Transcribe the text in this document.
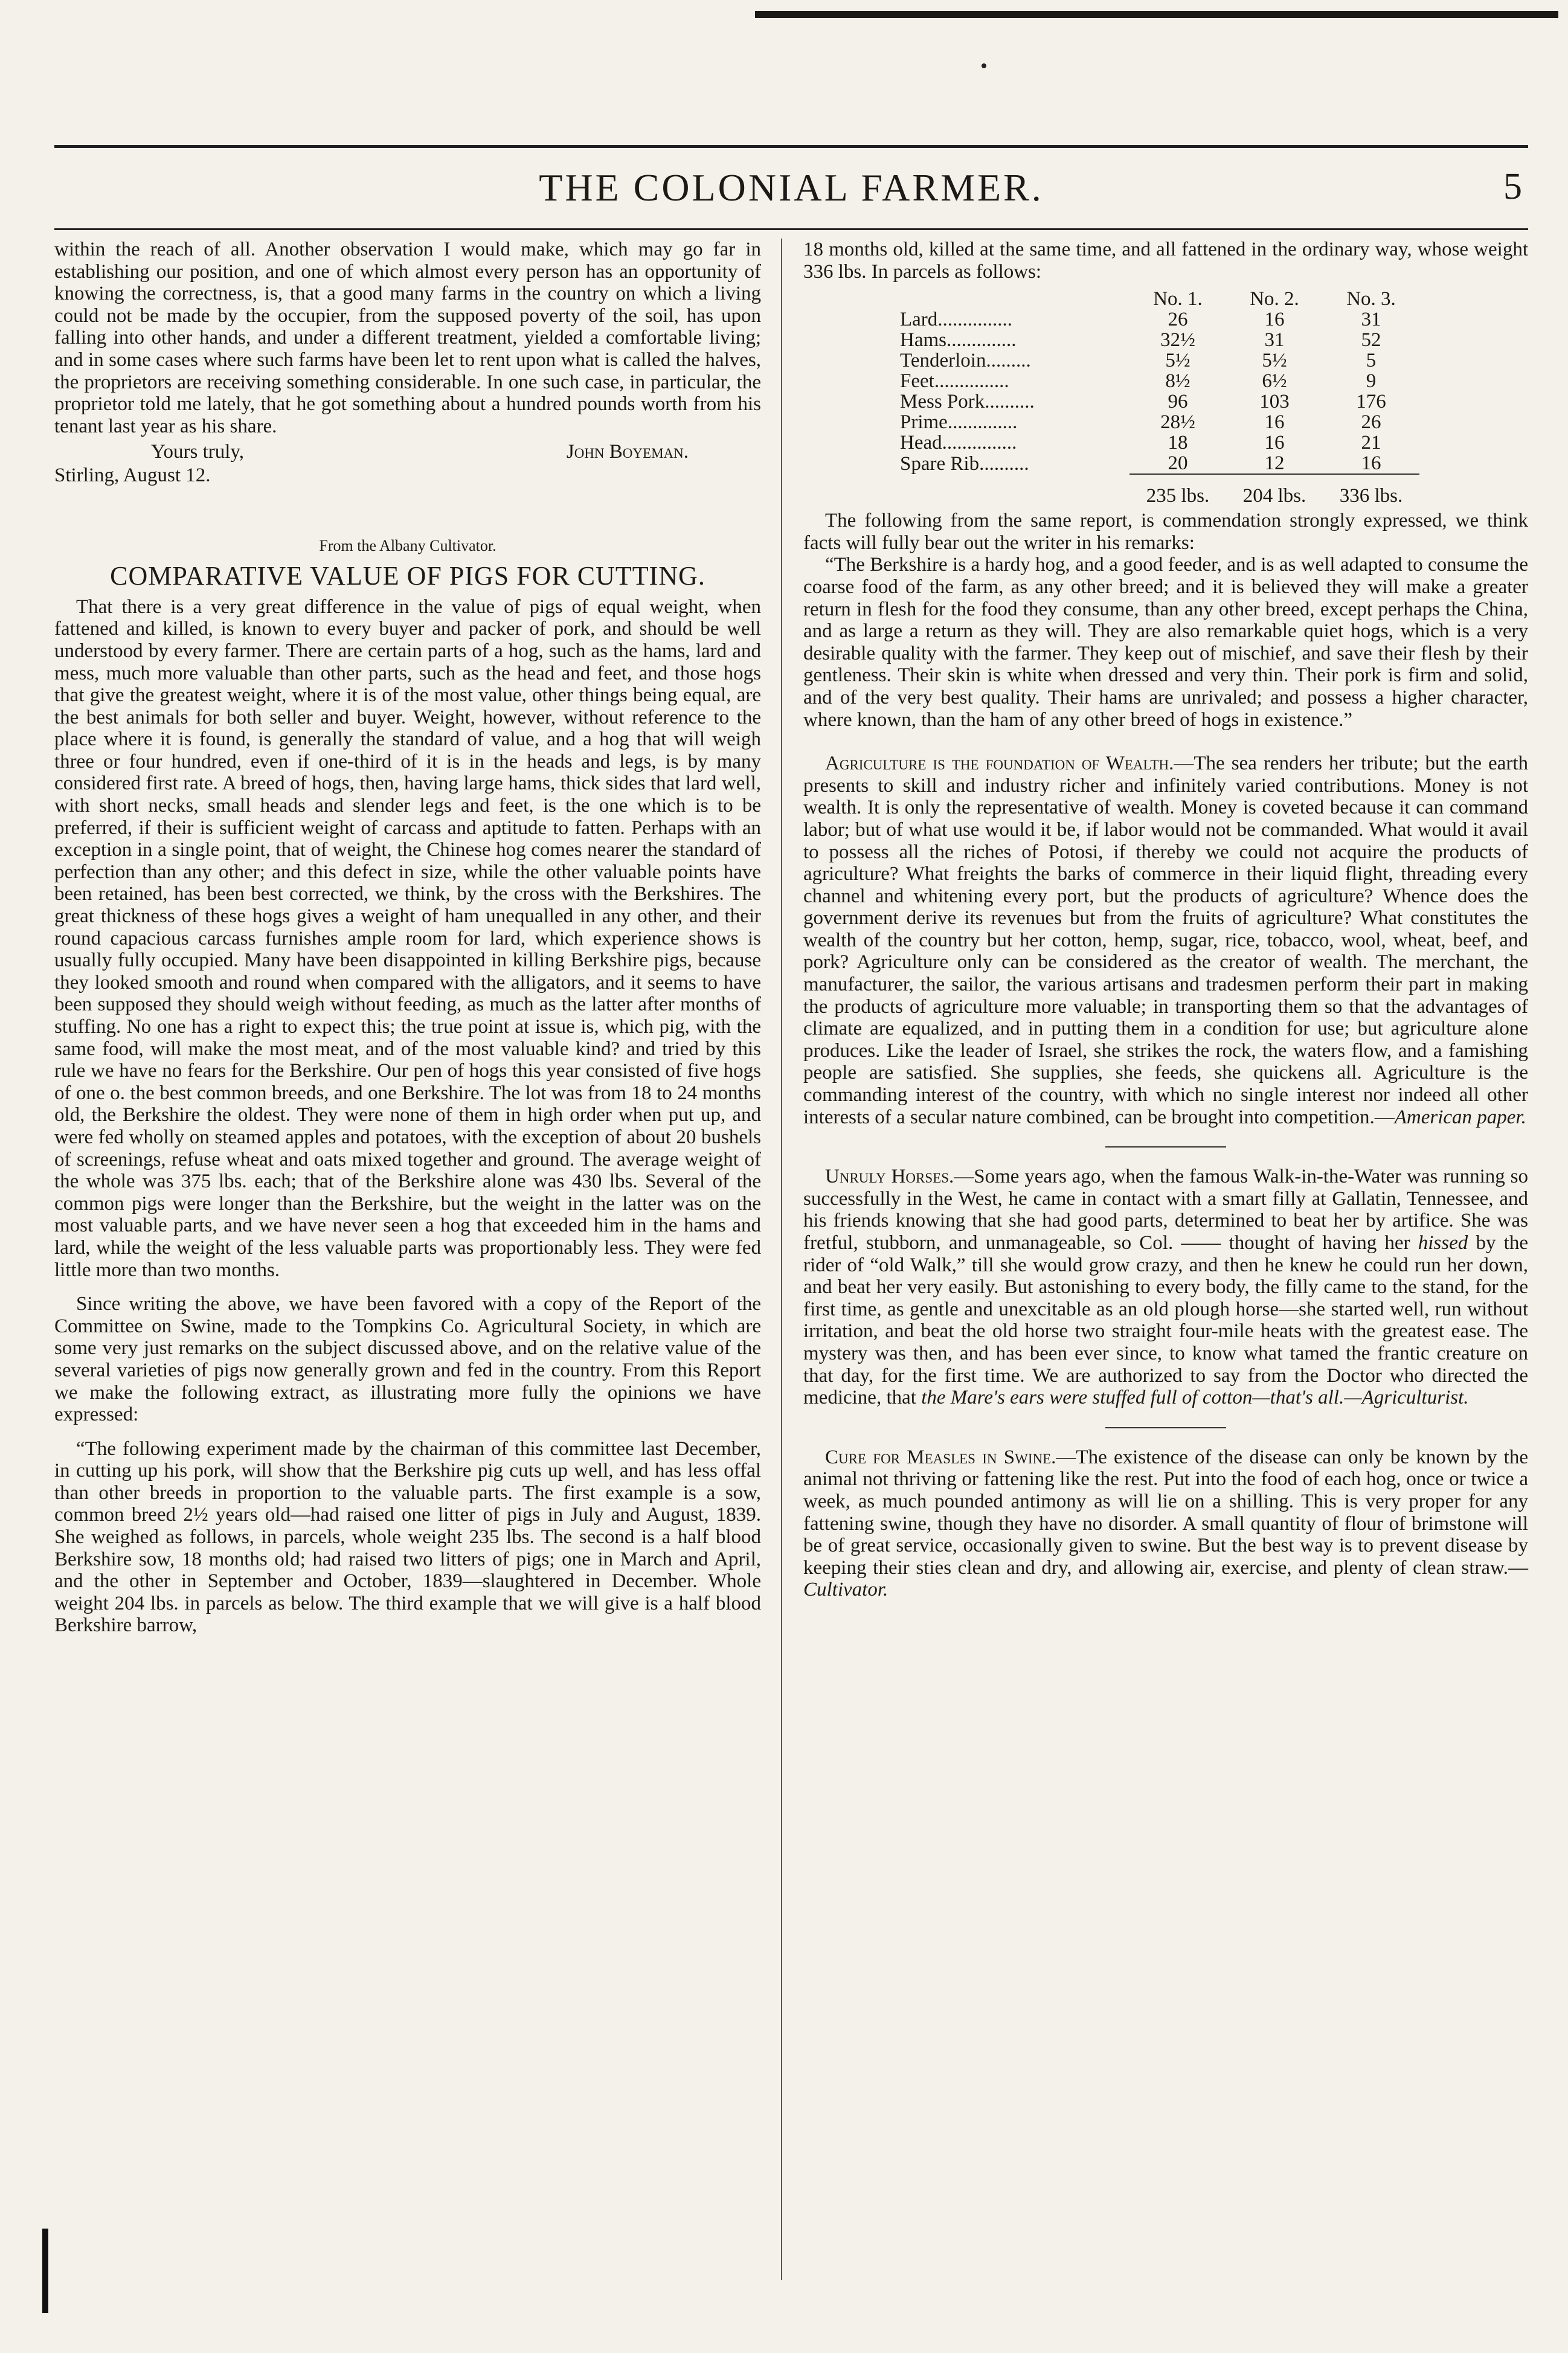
THE COLONIAL FARMER.	5

within the reach of all. Another observation I would make, which may go far in establishing our position, and one of which almost every person has an opportunity of knowing the correctness, is, that a good many farms in the country on which a living could not be made by the occupier, from the supposed poverty of the soil, has upon falling into other hands, and under a different treatment, yielded a comfortable living; and in some cases where such farms have been let to rent upon what is called the halves, the proprietors are receiving something considerable. In one such case, in particular, the proprietor told me lately, that he got something about a hundred pounds worth from his tenant last year as his share.

Yours truly,	John Boyeman.

Stirling, August 12.

From the Albany Cultivator.

COMPARATIVE VALUE OF PIGS FOR CUTTING.

That there is a very great difference in the value of pigs of equal weight, when fattened and killed, is known to every buyer and packer of pork, and should be well understood by every farmer. There are certain parts of a hog, such as the hams, lard and mess, much more valuable than other parts, such as the head and feet, and those hogs that give the greatest weight, where it is of the most value, other things being equal, are the best animals for both seller and buyer. Weight, however, without reference to the place where it is found, is generally the standard of value, and a hog that will weigh three or four hundred, even if one-third of it is in the heads and legs, is by many considered first rate. A breed of hogs, then, having large hams, thick sides that lard well, with short necks, small heads and slender legs and feet, is the one which is to be preferred, if their is sufficient weight of carcass and aptitude to fatten. Perhaps with an exception in a single point, that of weight, the Chinese hog comes nearer the standard of perfection than any other; and this defect in size, while the other valuable points have been retained, has been best corrected, we think, by the cross with the Berkshires. The great thickness of these hogs gives a weight of ham unequalled in any other, and their round capacious carcass furnishes ample room for lard, which experience shows is usually fully occupied. Many have been disappointed in killing Berkshire pigs, because they looked smooth and round when compared with the alligators, and it seems to have been supposed they should weigh without feeding, as much as the latter after months of stuffing. No one has a right to expect this; the true point at issue is, which pig, with the same food, will make the most meat, and of the most valuable kind? and tried by this rule we have no fears for the Berkshire. Our pen of hogs this year consisted of five hogs of one o. the best common breeds, and one Berkshire. The lot was from 18 to 24 months old, the Berkshire the oldest. They were none of them in high order when put up, and were fed wholly on steamed apples and potatoes, with the exception of about 20 bushels of screenings, refuse wheat and oats mixed together and ground. The average weight of the whole was 375 lbs. each; that of the Berkshire alone was 430 lbs. Several of the common pigs were longer than the Berkshire, but the weight in the latter was on the most valuable parts, and we have never seen a hog that exceeded him in the hams and lard, while the weight of the less valuable parts was proportionably less. They were fed little more than two months.

Since writing the above, we have been favored with a copy of the Report of the Committee on Swine, made to the Tompkins Co. Agricultural Society, in which are some very just remarks on the subject discussed above, and on the relative value of the several varieties of pigs now generally grown and fed in the country. From this Report we make the following extract, as illustrating more fully the opinions we have expressed:

“The following experiment made by the chairman of this committee last December, in cutting up his pork, will show that the Berkshire pig cuts up well, and has less offal than other breeds in proportion to the valuable parts. The first example is a sow, common breed 2½ years old—had raised one litter of pigs in July and August, 1839. She weighed as follows, in parcels, whole weight 235 lbs. The second is a half blood Berkshire sow, 18 months old; had raised two litters of pigs; one in March and April, and the other in September and October, 1839—slaughtered in December. Whole weight 204 lbs. in parcels as below. The third example that we will give is a half blood Berkshire barrow,

18 months old, killed at the same time, and all fattened in the ordinary way, whose weight 336 lbs. In parcels as follows:

	No. 1.	No. 2.	No. 3.
Lard...............	26	16	31
Hams..............	32½	31	52
Tenderloin.........	5½	5½	5
Feet...............	8½	6½	9
Mess Pork..........	96	103	176
Prime..............	28½	16	26
Head...............	18	16	21
Spare Rib..........	20	12	16
	235 lbs.	204 lbs.	336 lbs.

The following from the same report, is commendation strongly expressed, we think facts will fully bear out the writer in his remarks:

“The Berkshire is a hardy hog, and a good feeder, and is as well adapted to consume the coarse food of the farm, as any other breed; and it is believed they will make a greater return in flesh for the food they consume, than any other breed, except perhaps the China, and as large a return as they will. They are also remarkable quiet hogs, which is a very desirable quality with the farmer. They keep out of mischief, and save their flesh by their gentleness. Their skin is white when dressed and very thin. Their pork is firm and solid, and of the very best quality. Their hams are unrivaled; and possess a higher character, where known, than the ham of any other breed of hogs in existence.”

Agriculture is the foundation of Wealth.—The sea renders her tribute; but the earth presents to skill and industry richer and infinitely varied contributions. Money is not wealth. It is only the representative of wealth. Money is coveted because it can command labor; but of what use would it be, if labor would not be commanded. What would it avail to possess all the riches of Potosi, if thereby we could not acquire the products of agriculture? What freights the barks of commerce in their liquid flight, threading every channel and whitening every port, but the products of agriculture? Whence does the government derive its revenues but from the fruits of agriculture? What constitutes the wealth of the country but her cotton, hemp, sugar, rice, tobacco, wool, wheat, beef, and pork? Agriculture only can be considered as the creator of wealth. The merchant, the manufacturer, the sailor, the various artisans and tradesmen perform their part in making the products of agriculture more valuable; in transporting them so that the advantages of climate are equalized, and in putting them in a condition for use; but agriculture alone produces. Like the leader of Israel, she strikes the rock, the waters flow, and a famishing people are satisfied. She supplies, she feeds, she quickens all. Agriculture is the commanding interest of the country, with which no single interest nor indeed all other interests of a secular nature combined, can be brought into competition.—American paper.

Unruly Horses.—Some years ago, when the famous Walk-in-the-Water was running so successfully in the West, he came in contact with a smart filly at Gallatin, Tennessee, and his friends knowing that she had good parts, determined to beat her by artifice. She was fretful, stubborn, and unmanageable, so Col. —— thought of having her hissed by the rider of “old Walk,” till she would grow crazy, and then he knew he could run her down, and beat her very easily. But astonishing to every body, the filly came to the stand, for the first time, as gentle and unexcitable as an old plough horse—she started well, run without irritation, and beat the old horse two straight four-mile heats with the greatest ease. The mystery was then, and has been ever since, to know what tamed the frantic creature on that day, for the first time. We are authorized to say from the Doctor who directed the medicine, that the Mare's ears were stuffed full of cotton—that's all.—Agriculturist.

Cure for Measles in Swine.—The existence of the disease can only be known by the animal not thriving or fattening like the rest. Put into the food of each hog, once or twice a week, as much pounded antimony as will lie on a shilling. This is very proper for any fattening swine, though they have no disorder. A small quantity of flour of brimstone will be of great service, occasionally given to swine. But the best way is to prevent disease by keeping their sties clean and dry, and allowing air, exercise, and plenty of clean straw.—Cultivator.
